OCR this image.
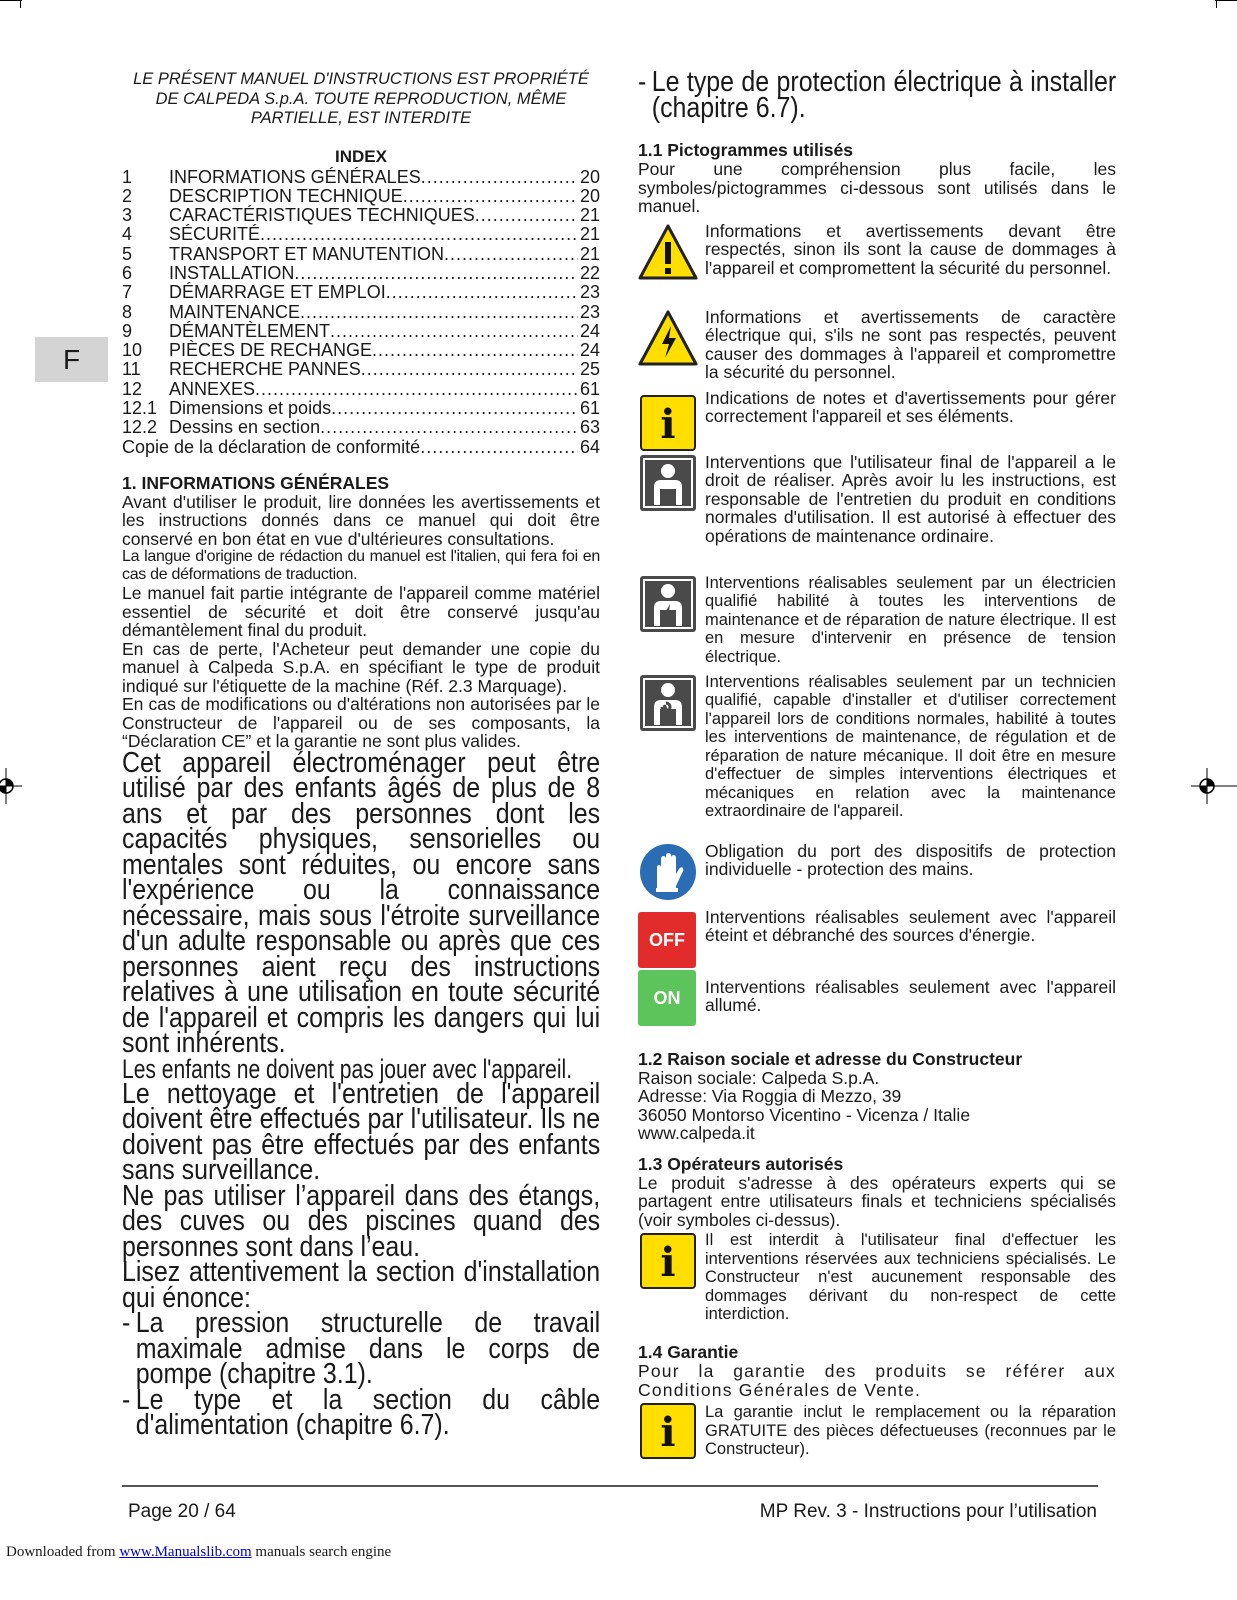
F
LE PRÉSENT MANUEL D'INSTRUCTIONS EST PROPRIÉTÉ
DE CALPEDA S.p.A. TOUTE REPRODUCTION, MÊME
PARTIELLE, EST INTERDITE
INDEX
1	INFORMATIONS GÉNÉRALES .....	20
2	DESCRIPTION TECHNIQUE .....	20
3	CARACTÉRISTIQUES TECHNIQUES .....	21
4	SÉCURITÉ .....	21
5	TRANSPORT ET MANUTENTION .....	21
6	INSTALLATION .....	22
7	DÉMARRAGE ET EMPLOI .....	23
8	MAINTENANCE .....	23
9	DÉMANTÈLEMENT .....	24
10	PIÈCES DE RECHANGE .....	24
11	RECHERCHE PANNES .....	25
12	ANNEXES .....	61
12.1 Dimensions et poids .....	61
12.2 Dessins en section .....	63
Copie de la déclaration de conformité .....	64

1. INFORMATIONS GÉNÉRALES

Avant d'utiliser le produit, lire données les avertissements et les instructions donnés dans ce manuel qui doit être conservé en bon état en vue d'ultérieures consultations.

La langue d'origine de rédaction du manuel est l'italien, qui fera foi en cas de déformations de traduction.

Le manuel fait partie intégrante de l'appareil comme matériel essentiel de sécurité et doit être conservé jusqu'au démantèlement final du produit.

En cas de perte, l'Acheteur peut demander une copie du manuel à Calpeda S.p.A. en spécifiant le type de produit indiqué sur l'étiquette de la machine (Réf. 2.3 Marquage).

En cas de modifications ou d'altérations non autorisées par le Constructeur de l'appareil ou de ses composants, la “Déclaration CE” et la garantie ne sont plus valides.

Cet appareil électroménager peut être utilisé par des enfants âgés de plus de 8 ans et par des personnes dont les capacités physiques, sensorielles ou mentales sont réduites, ou encore sans l'expérience ou la connaissance nécessaire, mais sous l'étroite surveillance d'un adulte responsable ou après que ces personnes aient reçu des instructions relatives à une utilisation en toute sécurité de l'appareil et compris les dangers qui lui sont inhérents.

Les enfants ne doivent pas jouer avec l'appareil.

Le nettoyage et l'entretien de l'appareil doivent être effectués par l'utilisateur. Ils ne doivent pas être effectués par des enfants sans surveillance.

Ne pas utiliser l’appareil dans des étangs, des cuves ou des piscines quand des personnes sont dans l’eau.

Lisez attentivement la section d'installation qui énonce:

- La pression structurelle de travail maximale admise dans le corps de pompe (chapitre 3.1).
- Le type et la section du câble d'alimentation (chapitre 6.7).
- Le type de protection électrique à installer (chapitre 6.7).

1.1 Pictogrammes utilisés

Pour une compréhension plus facile, les symboles/pictogrammes ci-dessous sont utilisés dans le manuel.

Informations et avertissements devant être respectés, sinon ils sont la cause de dommages à l'appareil et compromettent la sécurité du personnel.
Informations et avertissements de caractère électrique qui, s'ils ne sont pas respectés, peuvent causer des dommages à l'appareil et compromettre la sécurité du personnel.
i
Indications de notes et d'avertissements pour gérer correctement l'appareil et ses éléments.
Interventions que l'utilisateur final de l'appareil a le droit de réaliser. Après avoir lu les instructions, est responsable de l'entretien du produit en conditions normales d'utilisation. Il est autorisé à effectuer des opérations de maintenance ordinaire.
Interventions réalisables seulement par un électricien qualifié habilité à toutes les interventions de maintenance et de réparation de nature électrique. Il est en mesure d'intervenir en présence de tension électrique.
Interventions réalisables seulement par un technicien qualifié, capable d'installer et d'utiliser correctement l'appareil lors de conditions normales, habilité à toutes les interventions de maintenance, de régulation et de réparation de nature mécanique. Il doit être en mesure d'effectuer de simples interventions électriques et mécaniques en relation avec la maintenance extraordinaire de l'appareil.
Obligation du port des dispositifs de protection individuelle - protection des mains.
OFF
Interventions réalisables seulement avec l'appareil éteint et débranché des sources d'énergie.
ON
Interventions réalisables seulement avec l'appareil allumé.

1.2 Raison sociale et adresse du Constructeur

Raison sociale: Calpeda S.p.A.
Adresse: Via Roggia di Mezzo, 39
36050 Montorso Vicentino - Vicenza / Italie
www.calpeda.it

1.3 Opérateurs autorisés

Le produit s'adresse à des opérateurs experts qui se partagent entre utilisateurs finals et techniciens spécialisés (voir symboles ci-dessus).

i	Il est interdit à l'utilisateur final d'effectuer les interventions réservées aux techniciens spécialisés. Le Constructeur n'est aucunement responsable des dommages dérivant du non-respect de cette interdiction.

1.4 Garantie

Pour la garantie des produits se référer aux Conditions Générales de Vente.

i	La garantie inclut le remplacement ou la réparation GRATUITE des pièces défectueuses (reconnues par le Constructeur).
Page 20 / 64	MP Rev. 3 - Instructions pour l’utilisation
Downloaded from www.Manualslib.com manuals search engine
